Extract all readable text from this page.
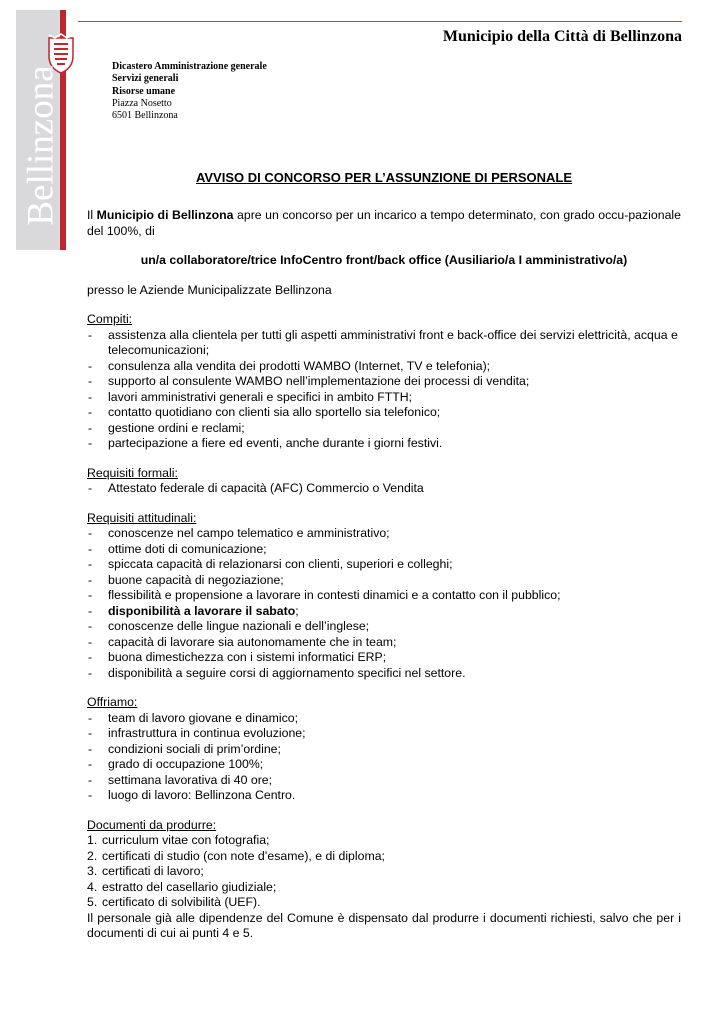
Bellinzona
Municipio della Città di Bellinzona
Dicastero Amministrazione generale
Servizi generali
Risorse umane
Piazza Nosetto
6501 Bellinzona
AVVISO DI CONCORSO PER L’ASSUNZIONE DI PERSONALE

Il Municipio di Bellinzona apre un concorso per un incarico a tempo determinato, con grado occu-pazionale del 100%, di

un/a collaboratore/trice InfoCentro front/back office (Ausiliario/a I amministrativo/a)

presso le Aziende Municipalizzate Bellinzona

Compiti:

- assistenza alla clientela per tutti gli aspetti amministrativi front e back-office dei servizi elettricità, acqua e telecomunicazioni;
- consulenza alla vendita dei prodotti WAMBO (Internet, TV e telefonia);
- supporto al consulente WAMBO nell’implementazione dei processi di vendita;
- lavori amministrativi generali e specifici in ambito FTTH;
- contatto quotidiano con clienti sia allo sportello sia telefonico;
- gestione ordini e reclami;
- partecipazione a fiere ed eventi, anche durante i giorni festivi.

Requisiti formali:

- Attestato federale di capacità (AFC) Commercio o Vendita

Requisiti attitudinali:

- conoscenze nel campo telematico e amministrativo;
- ottime doti di comunicazione;
- spiccata capacità di relazionarsi con clienti, superiori e colleghi;
- buone capacità di negoziazione;
- flessibilità e propensione a lavorare in contesti dinamici e a contatto con il pubblico;
- disponibilità a lavorare il sabato;
- conoscenze delle lingue nazionali e dell’inglese;
- capacità di lavorare sia autonomamente che in team;
- buona dimestichezza con i sistemi informatici ERP;
- disponibilità a seguire corsi di aggiornamento specifici nel settore.

Offriamo:

- team di lavoro giovane e dinamico;
- infrastruttura in continua evoluzione;
- condizioni sociali di prim’ordine;
- grado di occupazione 100%;
- settimana lavorativa di 40 ore;
- luogo di lavoro: Bellinzona Centro.

Documenti da produrre:

1. curriculum vitae con fotografia;
2. certificati di studio (con note d’esame), e di diploma;
3. certificati di lavoro;
4. estratto del casellario giudiziale;
5. certificato di solvibilità (UEF).

Il personale già alle dipendenze del Comune è dispensato dal produrre i documenti richiesti, salvo che per i documenti di cui ai punti 4 e 5.
